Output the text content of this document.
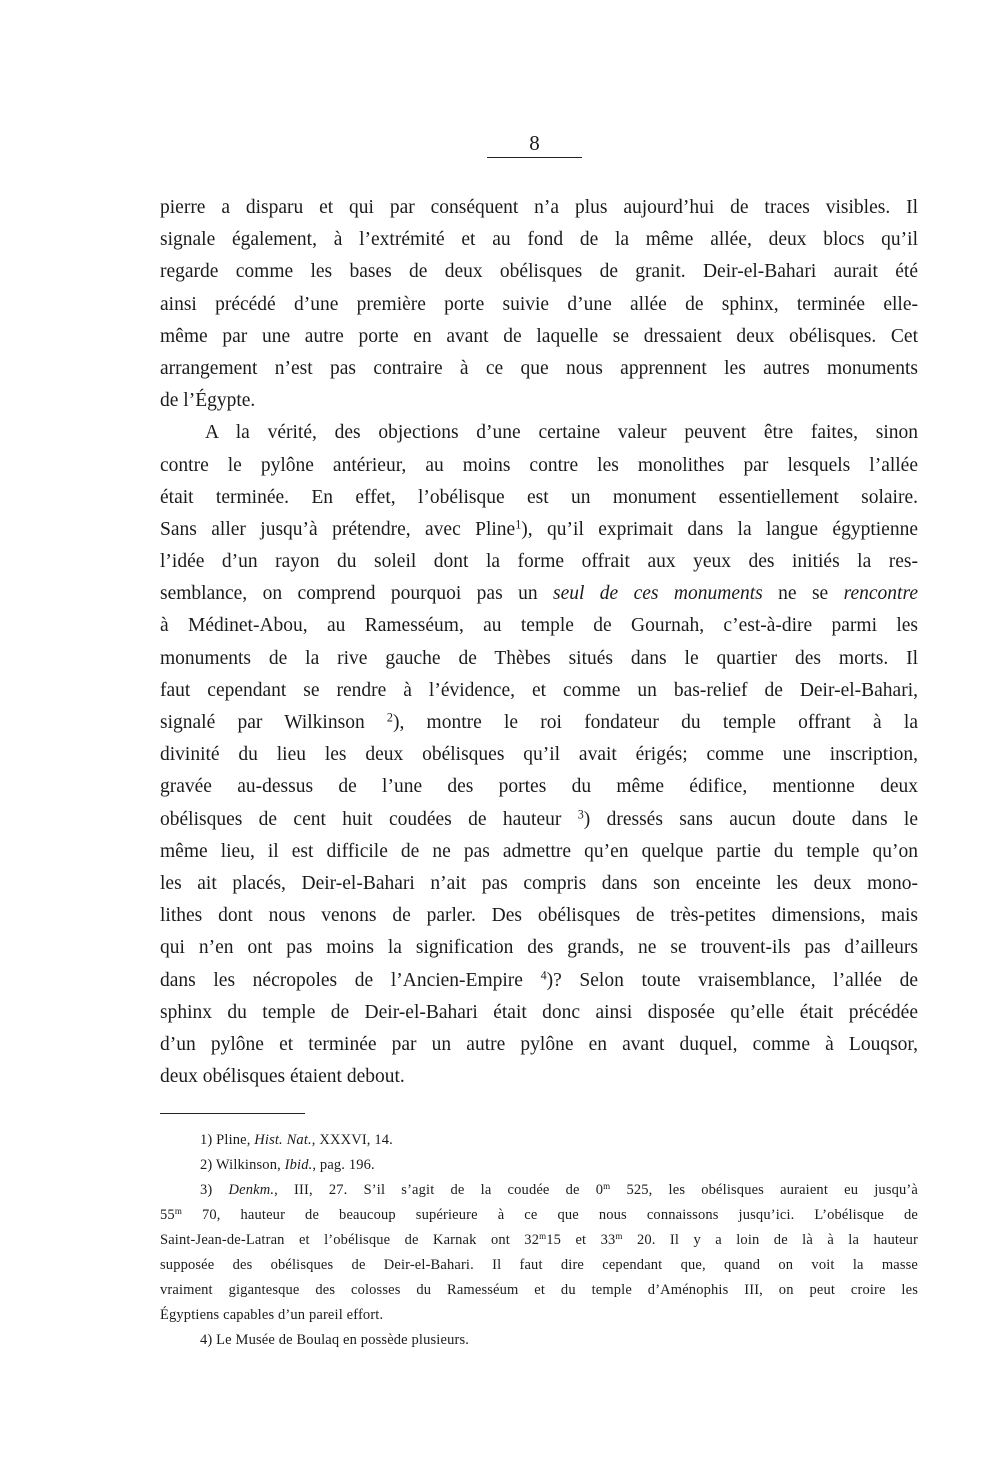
8
pierre a disparu et qui par conséquent n’a plus aujourd’hui de traces visibles. Il
signale également, à l’extrémité et au fond de la même allée, deux blocs qu’il
regarde comme les bases de deux obélisques de granit. Deir-el-Bahari aurait été
ainsi précédé d’une première porte suivie d’une allée de sphinx, terminée elle-
même par une autre porte en avant de laquelle se dressaient deux obélisques. Cet
arrangement n’est pas contraire à ce que nous apprennent les autres monuments
de l’Égypte.
A la vérité, des objections d’une certaine valeur peuvent être faites, sinon
contre le pylône antérieur, au moins contre les monolithes par lesquels l’allée
était terminée. En effet, l’obélisque est un monument essentiellement solaire.
Sans aller jusqu’à prétendre, avec Pline$^1$), qu’il exprimait dans la langue égyptienne
l’idée d’un rayon du soleil dont la forme offrait aux yeux des initiés la res-
semblance, on comprend pourquoi pas un seul de ces monuments ne se rencontre
à Médinet-Abou, au Ramesséum, au temple de Gournah, c’est-à-dire parmi les
monuments de la rive gauche de Thèbes situés dans le quartier des morts. Il
faut cependant se rendre à l’évidence, et comme un bas-relief de Deir-el-Bahari,
signalé par Wilkinson $^2$), montre le roi fondateur du temple offrant à la
divinité du lieu les deux obélisques qu’il avait érigés; comme une inscription,
gravée au-dessus de l’une des portes du même édifice, mentionne deux
obélisques de cent huit coudées de hauteur $^3$) dressés sans aucun doute dans le
même lieu, il est difficile de ne pas admettre qu’en quelque partie du temple qu’on
les ait placés, Deir-el-Bahari n’ait pas compris dans son enceinte les deux mono-
lithes dont nous venons de parler. Des obélisques de très-petites dimensions, mais
qui n’en ont pas moins la signification des grands, ne se trouvent-ils pas d’ailleurs
dans les nécropoles de l’Ancien-Empire $^4$)? Selon toute vraisemblance, l’allée de
sphinx du temple de Deir-el-Bahari était donc ainsi disposée qu’elle était précédée
d’un pylône et terminée par un autre pylône en avant duquel, comme à Louqsor,
deux obélisques étaient debout.
1) Pline, Hist. Nat., XXXVI, 14.
2) Wilkinson, Ibid., pag. 196.
3) Denkm., III, 27. S’il s’agit de la coudée de 0$^m$ 525, les obélisques auraient eu jusqu’à
55$^m$ 70, hauteur de beaucoup supérieure à ce que nous connaissons jusqu’ici. L’obélisque de
Saint-Jean-de-Latran et l’obélisque de Karnak ont 32$^m$15 et 33$^m$ 20. Il y a loin de là à la hauteur
supposée des obélisques de Deir-el-Bahari. Il faut dire cependant que, quand on voit la masse
vraiment gigantesque des colosses du Ramesséum et du temple d’Aménophis III, on peut croire les
Égyptiens capables d’un pareil effort.
4) Le Musée de Boulaq en possède plusieurs.
